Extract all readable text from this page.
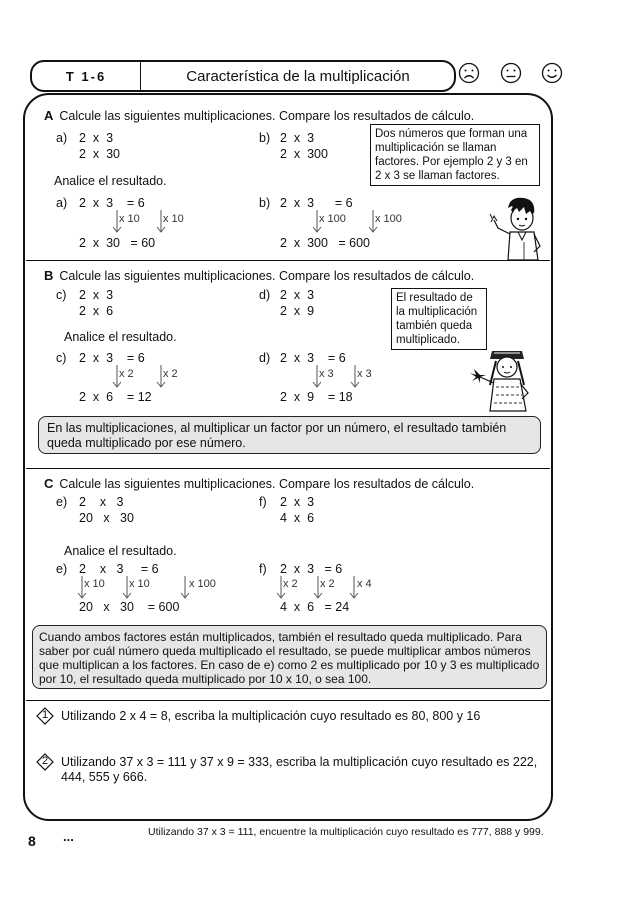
T 1-6	Característica de la multiplicación
A Calcule las siguientes multiplicaciones. Compare los resultados de cálculo.
a) 2  x  3
2  x  30
b) 2  x  3
2  x  300
Dos números que forman una multiplicación se llaman factores. Por ejemplo 2 y 3 en 2 x 3 se llaman factores.
Analice el resultado.
a) 2  x  3    = 6
x 10 x 10
2  x  30   = 60
b) 2  x  3      = 6
x 100	x 100
2  x  300   = 600
B Calcule las siguientes multiplicaciones. Compare los resultados de cálculo.
c) 2  x  3
2  x  6
d) 2  x  3
2  x  9
El resultado de la multiplicación también queda multiplicado.
Analice el resultado.
c) 2  x  3    = 6
x 2	x 2
2  x  6    = 12
d) 2  x  3    = 6
x 3 x 3
2  x  9    = 18
En las multiplicaciones, al multiplicar un factor por un número, el resultado también queda multiplicado por ese número.
C Calcule las siguientes multiplicaciones. Compare los resultados de cálculo.
e) 2    x   3
20   x   30
f) 2  x  3
4  x  6
Analice el resultado.
e) 2    x   3     = 6
x 10 x 10	x 100
20   x   30    = 600
f) 2  x  3   = 6
x 2 x 2 x 4
4  x  6   = 24
Cuando ambos factores están multiplicados, también el resultado queda multiplicado. Para saber por cuál número queda multiplicado el resultado, se puede multiplicar ambos números que multiplican a los factores. En caso de e) como 2 es multiplicado por 10 y 3 es multiplicado por 10, el resultado queda multiplicado por 10 x 10, o sea 100.
1	Utilizando 2 x 4 = 8, escriba la multiplicación cuyo resultado es 80, 800 y 16
2	Utilizando 37 x 3 = 111 y 37 x 9 = 333, escriba la multiplicación cuyo resultado es 222, 444, 555 y 666.
8 ...	Utilizando 37 x 3 = 111, encuentre la multiplicación cuyo resultado es 777, 888 y 999.
